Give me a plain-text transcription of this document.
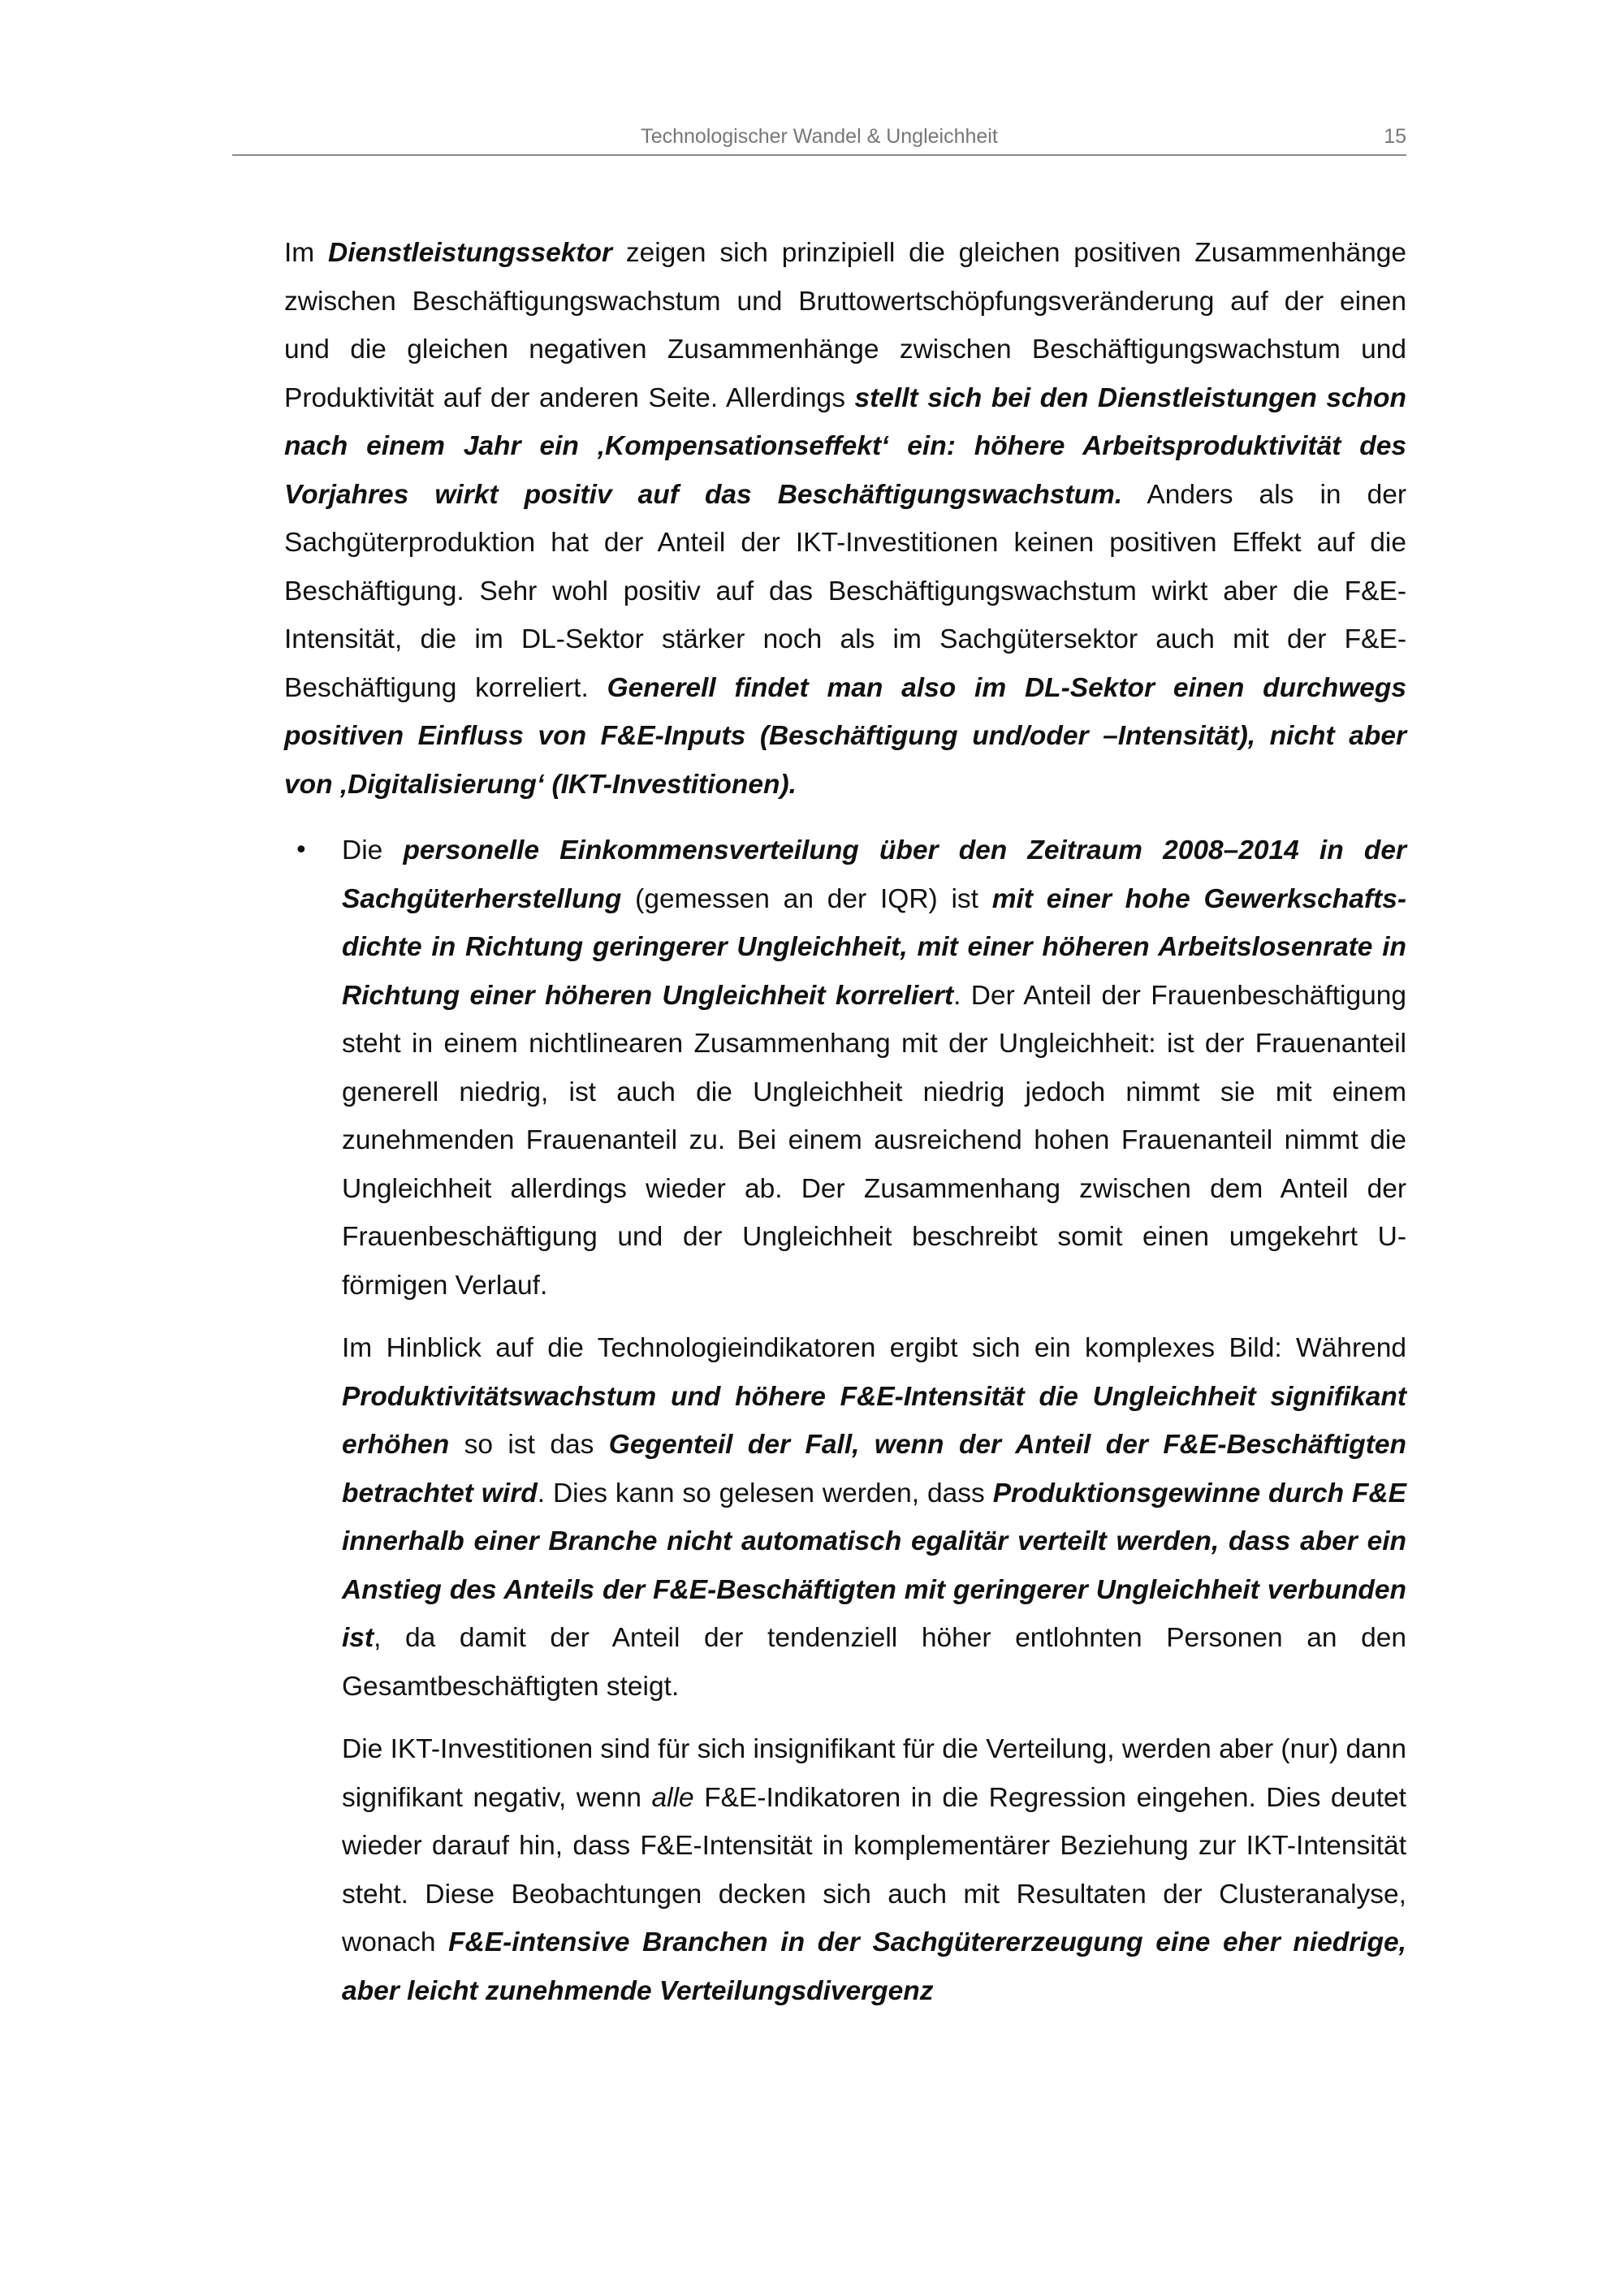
Technologischer Wandel & Ungleichheit	15

Im Dienstleistungssektor zeigen sich prinzipiell die gleichen positiven Zusammenhänge zwischen Beschäftigungswachstum und Bruttowertschöpfungsveränderung auf der einen und die gleichen negativen Zusammenhänge zwischen Beschäftigungswachstum und Produktivität auf der anderen Seite. Allerdings stellt sich bei den Dienstleistungen schon nach einem Jahr ein ‚Kompensationseffekt‘ ein: höhere Arbeitsproduktivität des Vorjahres wirkt positiv auf das Beschäftigungswachstum. Anders als in der Sachgüterproduktion hat der Anteil der IKT-Investitionen keinen positiven Effekt auf die Beschäftigung. Sehr wohl positiv auf das Beschäftigungswachstum wirkt aber die F&E-Intensität, die im DL-Sektor stärker noch als im Sachgütersektor auch mit der F&E-Beschäftigung korreliert. Generell findet man also im DL-Sektor einen durchwegs positiven Einfluss von F&E-Inputs (Beschäftigung und/oder –Intensität), nicht aber von ‚Digitalisierung‘ (IKT-Investitionen).

• Die personelle Einkommensverteilung über den Zeitraum 2008–2014 in der Sachgüterherstellung (gemessen an der IQR) ist mit einer hohe Gewerkschaftsdichte in Richtung geringerer Ungleichheit, mit einer höheren Arbeitslosenrate in Richtung einer höheren Ungleichheit korreliert. Der Anteil der Frauenbeschäftigung steht in einem nichtlinearen Zusammenhang mit der Ungleichheit: ist der Frauenanteil generell niedrig, ist auch die Ungleichheit niedrig jedoch nimmt sie mit einem zunehmenden Frauenanteil zu. Bei einem ausreichend hohen Frauenanteil nimmt die Ungleichheit allerdings wieder ab. Der Zusammenhang zwischen dem Anteil der Frauenbeschäftigung und der Ungleichheit beschreibt somit einen umgekehrt U-förmigen Verlauf.

Im Hinblick auf die Technologieindikatoren ergibt sich ein komplexes Bild: Während Produktivitätswachstum und höhere F&E-Intensität die Ungleichheit signifikant erhöhen so ist das Gegenteil der Fall, wenn der Anteil der F&E-Beschäftigten betrachtet wird. Dies kann so gelesen werden, dass Produktionsgewinne durch F&E innerhalb einer Branche nicht automatisch egalitär verteilt werden, dass aber ein Anstieg des Anteils der F&E-Beschäftigten mit geringerer Ungleichheit verbunden ist, da damit der Anteil der tendenziell höher entlohnten Personen an den Gesamtbeschäftigten steigt.

Die IKT-Investitionen sind für sich insignifikant für die Verteilung, werden aber (nur) dann signifikant negativ, wenn alle F&E-Indikatoren in die Regression eingehen. Dies deutet wieder darauf hin, dass F&E-Intensität in komplementärer Beziehung zur IKT-Intensität steht. Diese Beobachtungen decken sich auch mit Resultaten der Clusteranalyse, wonach F&E-intensive Branchen in der Sachgütererzeugung eine eher niedrige, aber leicht zunehmende Verteilungsdivergenz
